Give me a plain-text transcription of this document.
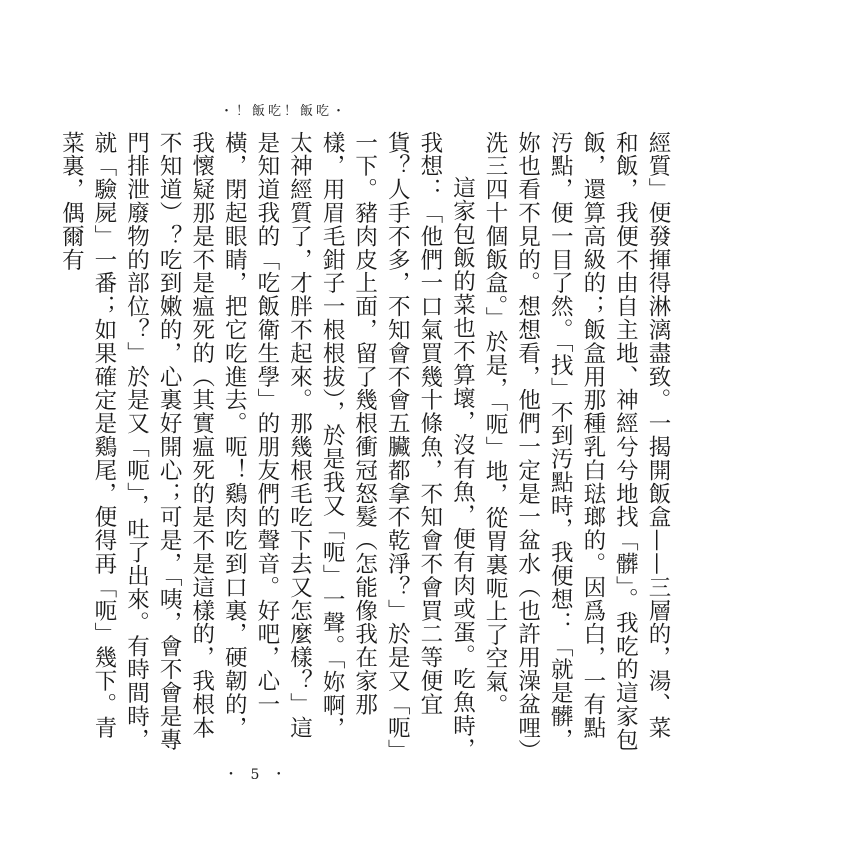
・！飯吃！飯吃・

經質」便發揮得淋漓盡致。一揭開飯盒——三層的，湯、菜和飯，我便不由自主地、神經兮兮地找「髒」。我吃的這家包飯，還算高級的；飯盒用那種乳白琺瑯的。因爲白，一有點汚點，便一目了然。「找」不到汚點時，我便想：「就是髒，妳也看不見的。想想看，他們一定是一盆水（也許用澡盆哩）洗三四十個飯盒。」於是，「呃」地，從胃裏呃上了空氣。

這家包飯的菜也不算壞，沒有魚，便有肉或蛋。吃魚時，我想：「他們一口氣買幾十條魚，不知會不會買二等便宜貨？人手不多，不知會不會五臟都拿不乾淨？」於是又「呃」一下。豬肉皮上面，留了幾根衝冠怒髮（怎能像我在家那樣，用眉毛鉗子一根根拔），於是我又「呃」一聲。「妳啊，太神經質了，才胖不起來。那幾根毛吃下去又怎麼樣？」這是知道我的「吃飯衛生學」的朋友們的聲音。好吧，心一橫，閉起眼睛，把它吃進去。呃！鷄肉吃到口裏，硬韌的，我懷疑那是不是瘟死的（其實瘟死的是不是這樣的，我根本不知道）？吃到嫩的，心裏好開心；可是，「咦，會不會是專門排泄廢物的部位？」於是又「呃」，吐了出來。有時間時，就「驗屍」一番；如果確定是鷄尾，便得再「呃」幾下。青菜裏，偶爾有

・ 5 ・
